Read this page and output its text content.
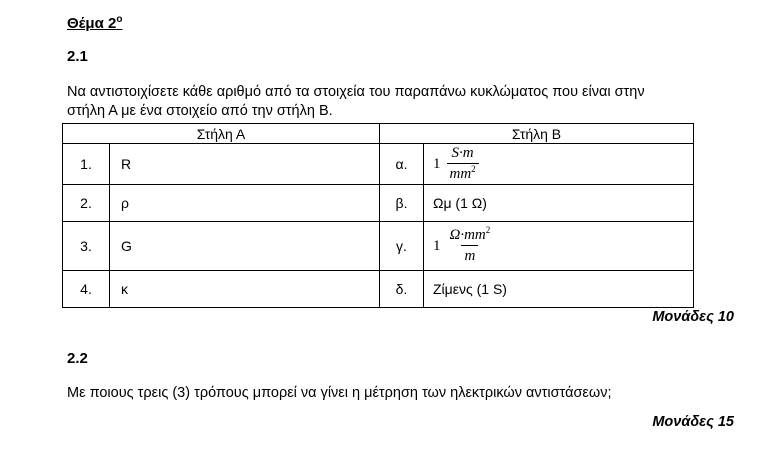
Θέμα $2^o$
2.1
Να αντιστοιχίσετε κάθε αριθμό από τα στοιχεία του παραπάνω κυκλώματος που είναι στην
στήλη Α με ένα στοιχείο από την στήλη Β.
Στήλη Α		Στήλη Β	
1.	R	α.	$1 \frac{S\cdot m}{mm^2}$

2.	ρ	β.	Ωμ (1 Ω)
3.	G	γ.	$1 \frac{\Omega\cdot mm^2}{m}$

4.	κ	δ.	Ζίμενς (1 S)
Μονάδες 10
2.2
Με ποιους τρεις (3) τρόπους μπορεί να γίνει η μέτρηση των ηλεκτρικών αντιστάσεων;
Μονάδες 15
